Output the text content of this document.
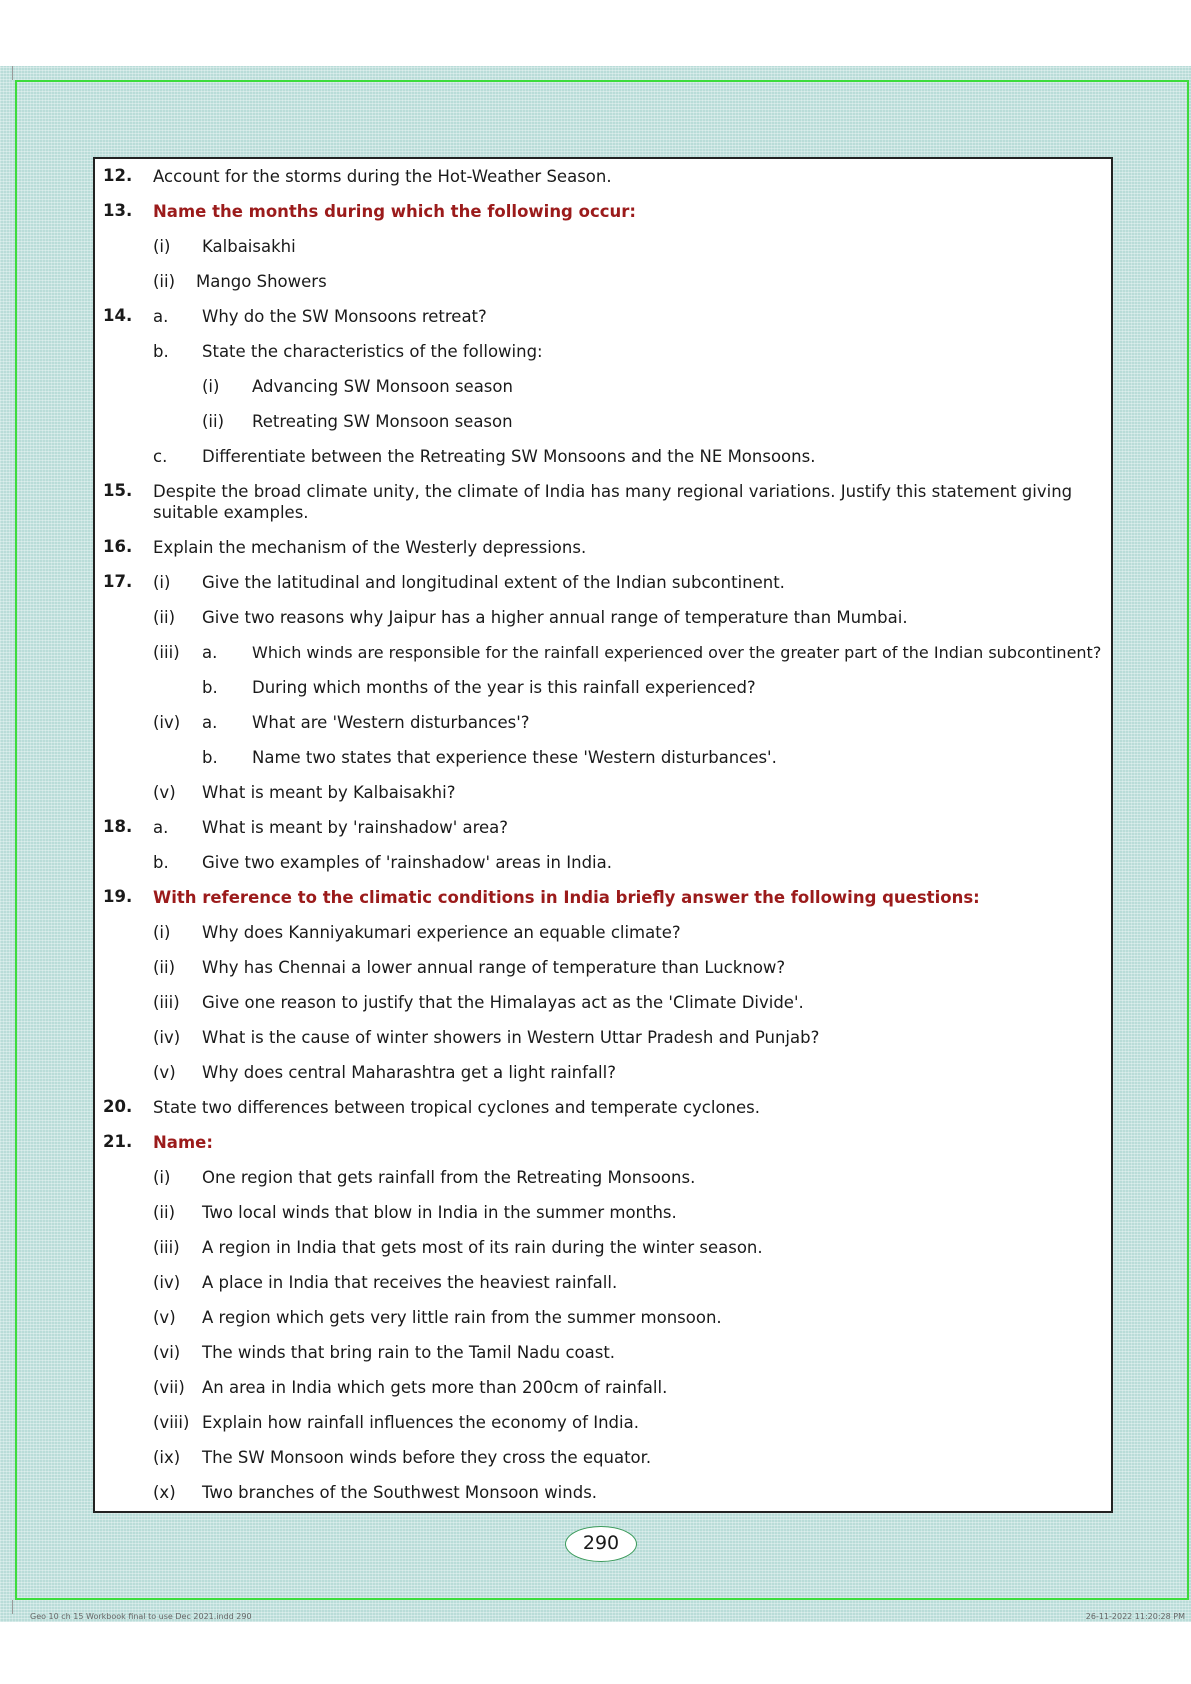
12. Account for the storms during the Hot-Weather Season.
13. Name the months during which the following occur:
(i) Kalbaisakhi
(ii) Mango Showers
14. a. Why do the SW Monsoons retreat?
b. State the characteristics of the following:
(i) Advancing SW Monsoon season
(ii) Retreating SW Monsoon season
c. Differentiate between the Retreating SW Monsoons and the NE Monsoons.
15. Despite the broad climate unity, the climate of India has many regional variations. Justify this statement giving suitable examples.
16. Explain the mechanism of the Westerly depressions.
17. (i) Give the latitudinal and longitudinal extent of the Indian subcontinent.
(ii) Give two reasons why Jaipur has a higher annual range of temperature than Mumbai.
(iii) a. Which winds are responsible for the rainfall experienced over the greater part of the Indian subcontinent?
b. During which months of the year is this rainfall experienced?
(iv) a. What are 'Western disturbances'?
b. Name two states that experience these 'Western disturbances'.
(v) What is meant by Kalbaisakhi?
18. a. What is meant by 'rainshadow' area?
b. Give two examples of 'rainshadow' areas in India.
19. With reference to the climatic conditions in India briefly answer the following questions:
(i) Why does Kanniyakumari experience an equable climate?
(ii) Why has Chennai a lower annual range of temperature than Lucknow?
(iii) Give one reason to justify that the Himalayas act as the 'Climate Divide'.
(iv) What is the cause of winter showers in Western Uttar Pradesh and Punjab?
(v) Why does central Maharashtra get a light rainfall?
20. State two differences between tropical cyclones and temperate cyclones.
21. Name:
(i) One region that gets rainfall from the Retreating Monsoons.
(ii) Two local winds that blow in India in the summer months.
(iii) A region in India that gets most of its rain during the winter season.
(iv) A place in India that receives the heaviest rainfall.
(v) A region which gets very little rain from the summer monsoon.
(vi) The winds that bring rain to the Tamil Nadu coast.
(vii) An area in India which gets more than 200cm of rainfall.
(viii) Explain how rainfall influences the economy of India.
(ix) The SW Monsoon winds before they cross the equator.
(x) Two branches of the Southwest Monsoon winds.
290
Geo 10 ch 15 Workbook final to use Dec 2021.indd 290	26-11-2022 11:20:28 PM
